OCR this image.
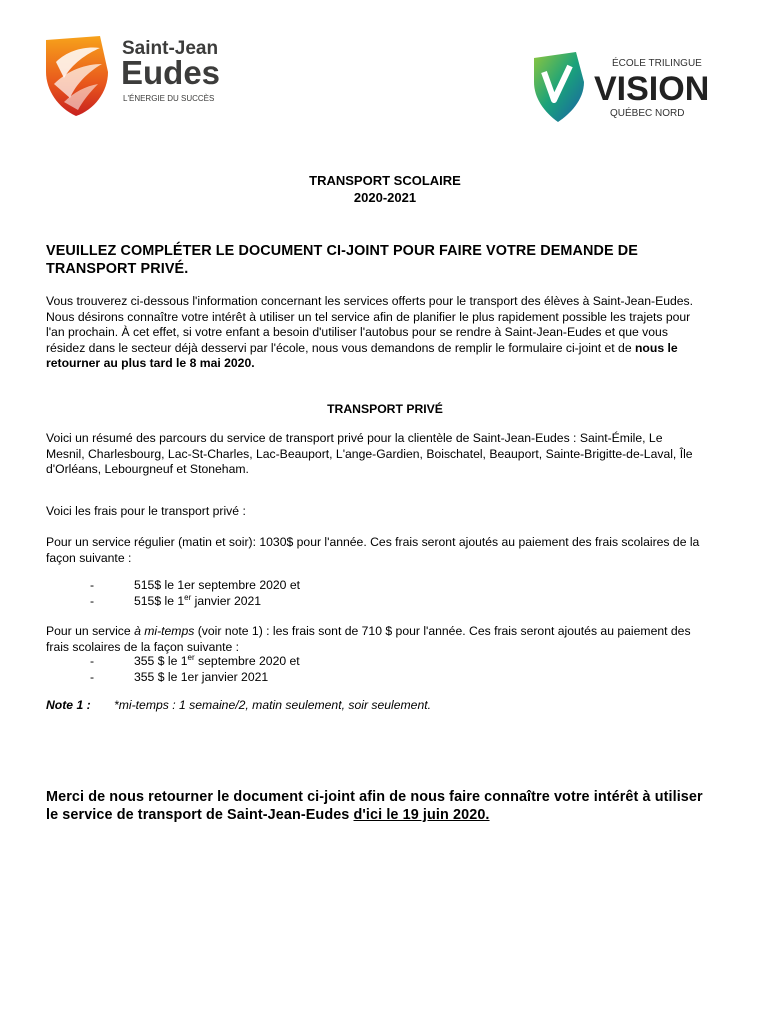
Saint-Jean
Eudes
L'ÉNERGIE DU SUCCÈS
ÉCOLE TRILINGUE
VISION
QUÉBEC NORD
TRANSPORT SCOLAIRE
2020-2021
VEUILLEZ COMPLÉTER LE DOCUMENT CI-JOINT POUR FAIRE VOTRE DEMANDE DE
TRANSPORT PRIVÉ.
Vous trouverez ci-dessous l'information concernant les services offerts pour le transport des élèves à Saint-Jean-Eudes.
Nous désirons connaître votre intérêt à utiliser un tel service afin de planifier le plus rapidement possible les trajets pour
l'an prochain. À cet effet, si votre enfant a besoin d'utiliser l'autobus pour se rendre à Saint-Jean-Eudes et que vous
résidez dans le secteur déjà desservi par l'école, nous vous demandons de remplir le formulaire ci-joint et de nous le
retourner au plus tard le 8 mai 2020.
TRANSPORT PRIVÉ
Voici un résumé des parcours du service de transport privé pour la clientèle de Saint-Jean-Eudes : Saint-Émile, Le
Mesnil, Charlesbourg, Lac-St-Charles, Lac-Beauport, L'ange-Gardien, Boischatel, Beauport, Sainte-Brigitte-de-Laval, Île
d'Orléans, Lebourgneuf et Stoneham.
Voici les frais pour le transport privé :
Pour un service régulier (matin et soir): 1030$ pour l'année. Ces frais seront ajoutés au paiement des frais scolaires de la
façon suivante :
-	515$ le 1er septembre 2020 et
-	515$ le 1er janvier 2021
Pour un service à mi-temps (voir note 1) : les frais sont de 710 $ pour l'année. Ces frais seront ajoutés au paiement des
frais scolaires de la façon suivante :
-	355 $ le 1er septembre 2020 et
-	355 $ le 1er janvier 2021
Note 1 : *mi-temps : 1 semaine/2, matin seulement, soir seulement.
Merci de nous retourner le document ci-joint afin de nous faire connaître votre intérêt à utiliser
le service de transport de Saint-Jean-Eudes d'ici le 19 juin 2020.
